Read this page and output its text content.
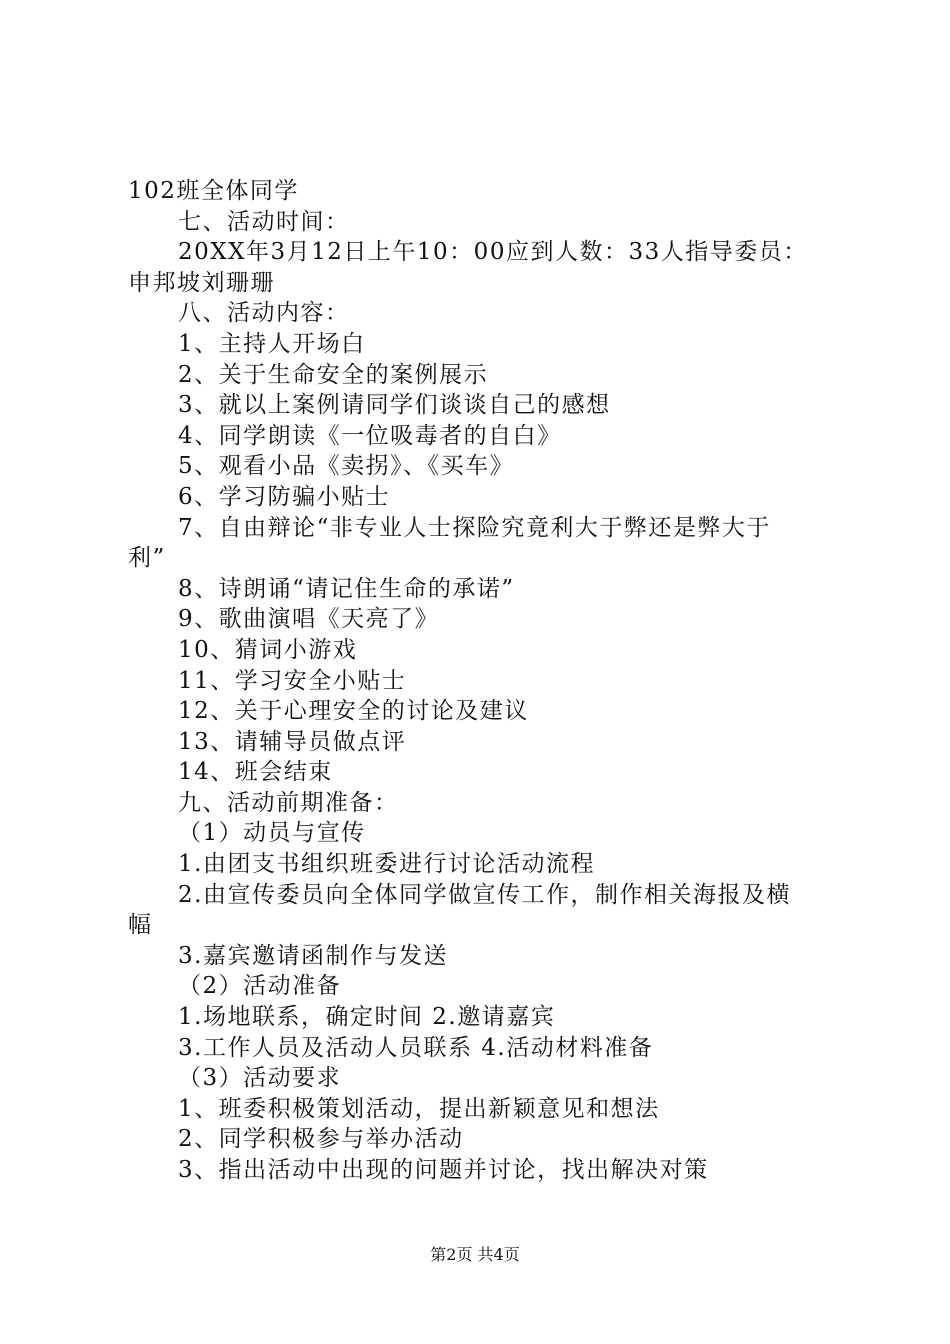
102班全体同学
七、活动时间：
20XX年3月12日上午10：00应到人数：33人指导委员：
申邦坡刘珊珊
八、活动内容：
1、主持人开场白
2、关于生命安全的案例展示
3、就以上案例请同学们谈谈自己的感想
4、同学朗读《一位吸毒者的自白》
5、观看小品《卖拐》、《买车》
6、学习防骗小贴士
7、自由辩论“非专业人士探险究竟利大于弊还是弊大于
利”
8、诗朗诵“请记住生命的承诺”
9、歌曲演唱《天亮了》
10、猜词小游戏
11、学习安全小贴士
12、关于心理安全的讨论及建议
13、请辅导员做点评
14、班会结束
九、活动前期准备：
（1）动员与宣传
1.由团支书组织班委进行讨论活动流程
2.由宣传委员向全体同学做宣传工作，制作相关海报及横
幅
3.嘉宾邀请函制作与发送
（2）活动准备
1.场地联系，确定时间 2.邀请嘉宾
3.工作人员及活动人员联系 4.活动材料准备
（3）活动要求
1、班委积极策划活动，提出新颖意见和想法
2、同学积极参与举办活动
3、指出活动中出现的问题并讨论，找出解决对策
第2页 共4页
